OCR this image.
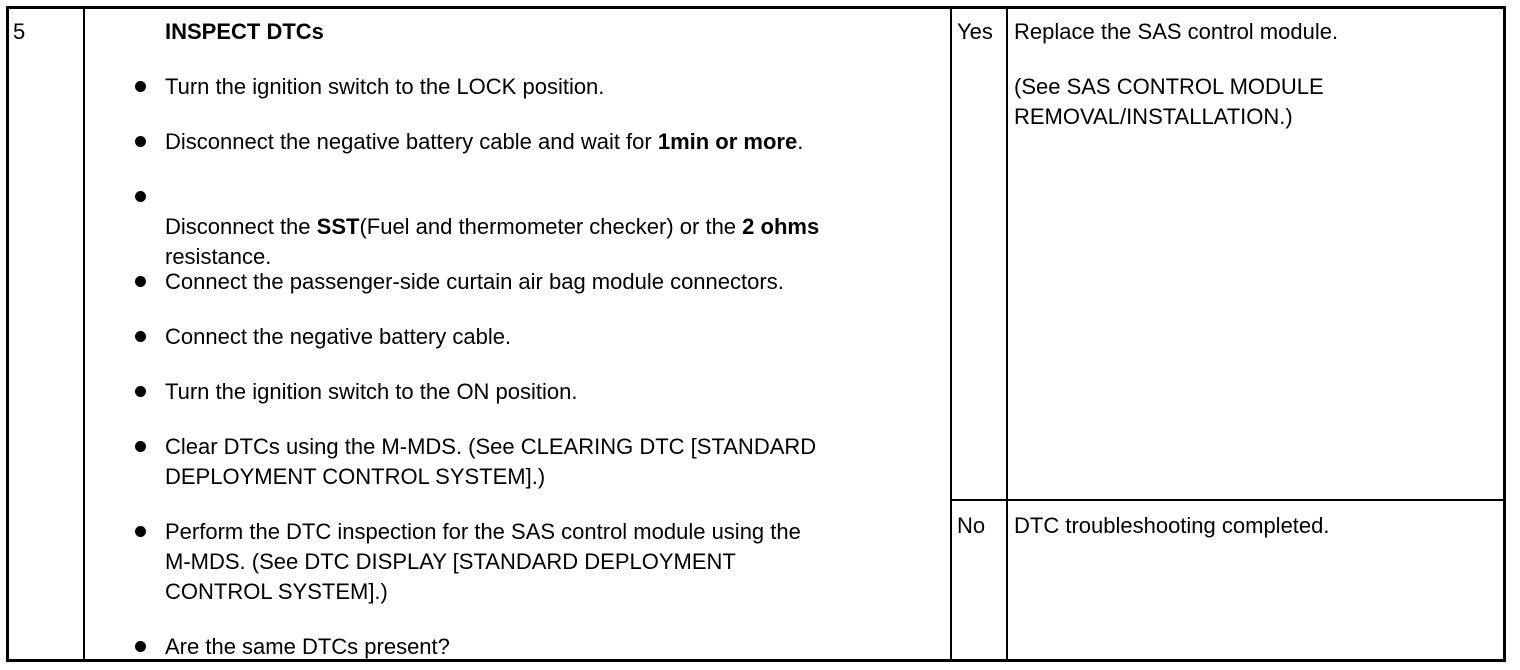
5	INSPECT DTCs
Turn the ignition switch to the LOCK position.
Disconnect the negative battery cable and wait for 1min or more.

Disconnect the SST(Fuel and thermometer checker) or the 2 ohms
resistance.

Connect the passenger-side curtain air bag module connectors.
Connect the negative battery cable.
Turn the ignition switch to the ON position.
Clear DTCs using the M-MDS. (See CLEARING DTC [STANDARD
DEPLOYMENT CONTROL SYSTEM].)
Perform the DTC inspection for the SAS control module using the
M-MDS. (See DTC DISPLAY [STANDARD DEPLOYMENT
CONTROL SYSTEM].)
Are the same DTCs present?
Yes Replace the SAS control module.
(See SAS CONTROL MODULE
REMOVAL/INSTALLATION.)
No DTC troubleshooting completed.
